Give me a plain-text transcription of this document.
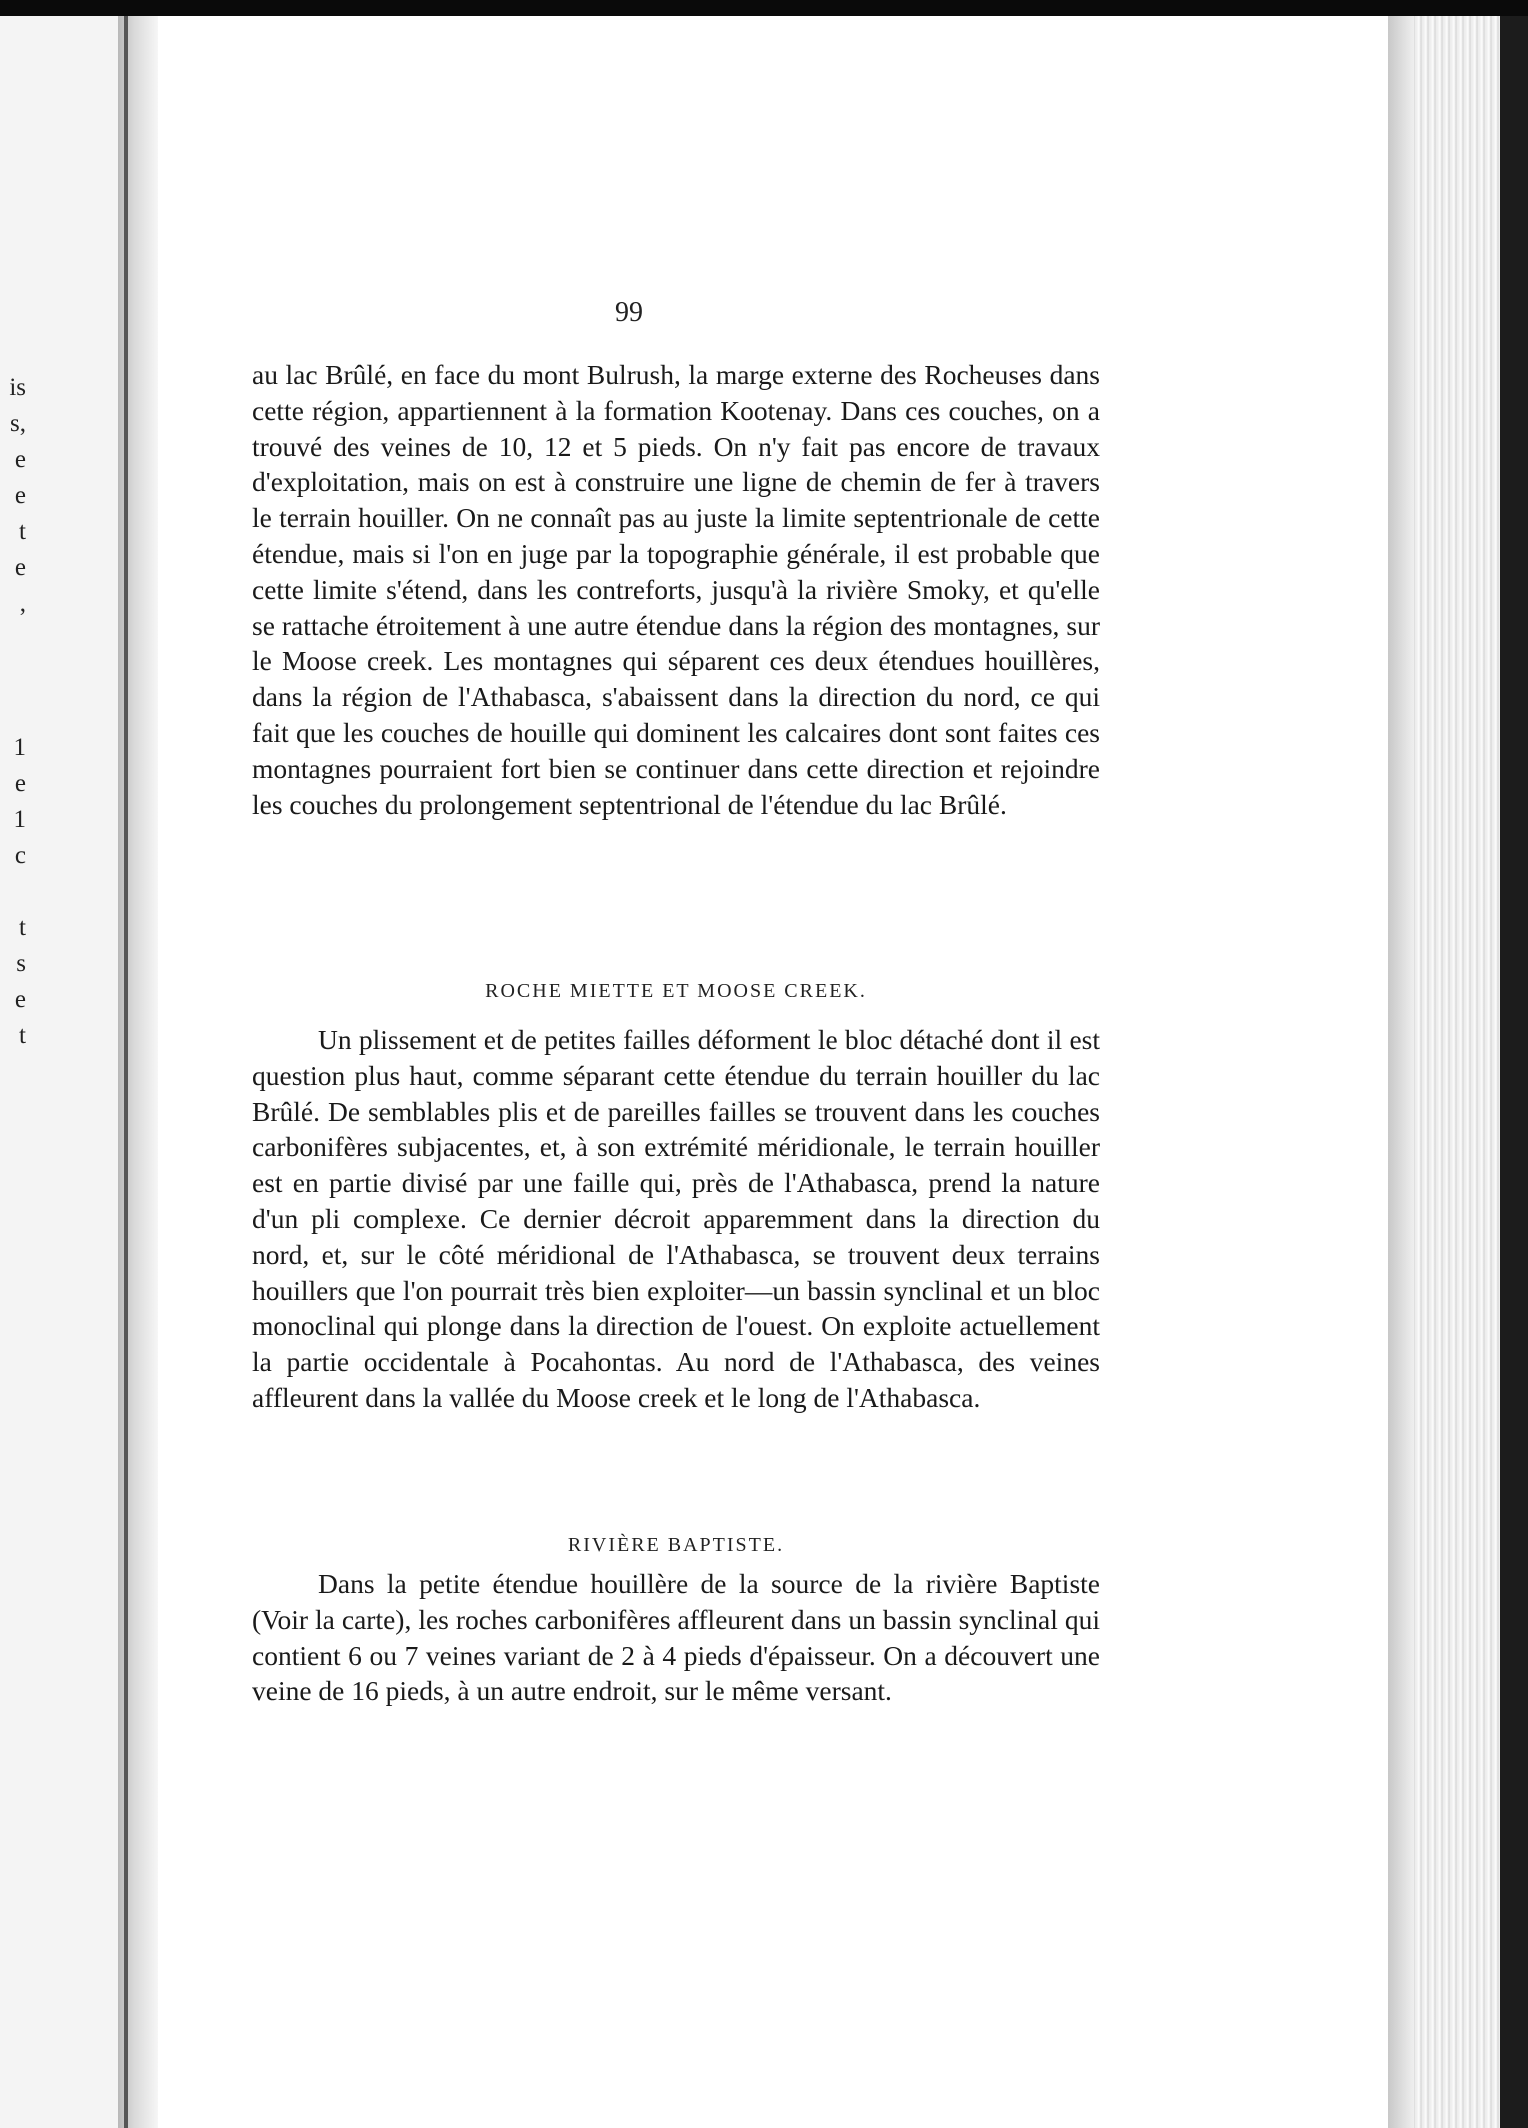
is
s,
e
e
t
e
,
1
e
1
c
t
s
e
t
99

au lac Brûlé, en face du mont Bulrush, la marge externe des Rocheuses dans cette région, appartiennent à la formation Kootenay. Dans ces couches, on a trouvé des veines de 10, 12 et 5 pieds. On n'y fait pas encore de travaux d'exploitation, mais on est à construire une ligne de chemin de fer à travers le terrain houiller. On ne connaît pas au juste la limite septentrionale de cette étendue, mais si l'on en juge par la topographie générale, il est probable que cette limite s'étend, dans les contreforts, jusqu'à la rivière Smoky, et qu'elle se rattache étroitement à une autre étendue dans la région des montagnes, sur le Moose creek. Les montagnes qui séparent ces deux étendues houillères, dans la région de l'Athabasca, s'abaissent dans la direction du nord, ce qui fait que les couches de houille qui dominent les calcaires dont sont faites ces montagnes pourraient fort bien se continuer dans cette direction et rejoindre les couches du prolongement septentrional de l'étendue du lac Brûlé.

ROCHE MIETTE ET MOOSE CREEK.

Un plissement et de petites failles déforment le bloc détaché dont il est question plus haut, comme séparant cette étendue du terrain houiller du lac Brûlé. De semblables plis et de pareilles failles se trouvent dans les couches carbonifères subjacentes, et, à son extrémité méridionale, le terrain houiller est en partie divisé par une faille qui, près de l'Athabasca, prend la nature d'un pli complexe. Ce dernier décroit apparemment dans la direction du nord, et, sur le côté méridional de l'Athabasca, se trouvent deux terrains houillers que l'on pourrait très bien exploiter—un bassin synclinal et un bloc monoclinal qui plonge dans la direction de l'ouest. On exploite actuellement la partie occidentale à Pocahontas. Au nord de l'Athabasca, des veines affleurent dans la vallée du Moose creek et le long de l'Athabasca.

RIVIÈRE BAPTISTE.

Dans la petite étendue houillère de la source de la rivière Baptiste (Voir la carte), les roches carbonifères affleurent dans un bassin synclinal qui contient 6 ou 7 veines variant de 2 à 4 pieds d'épaisseur. On a découvert une veine de 16 pieds, à un autre endroit, sur le même versant.
